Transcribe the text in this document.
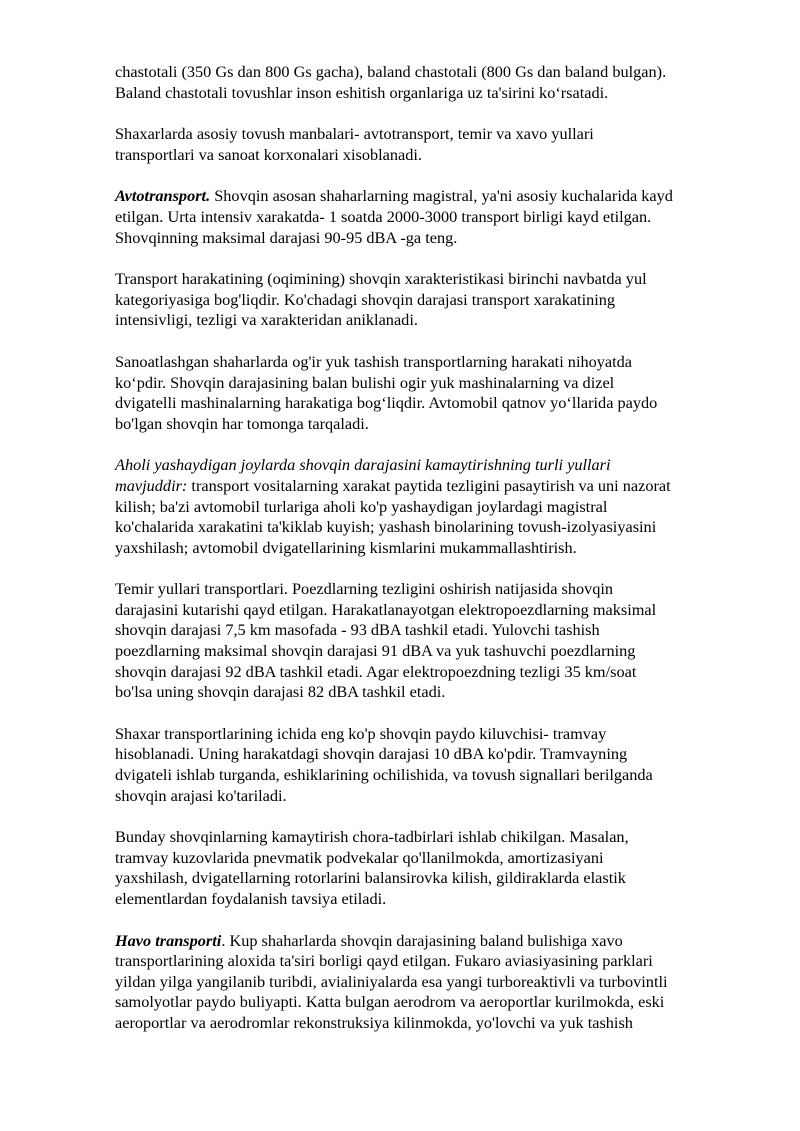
chastotali (350 Gs dan 800 Gs gacha), baland chastotali (800 Gs dan baland bulgan).
Baland chastotali tovushlar inson eshitish organlariga uz ta'sirini ko‘rsatadi.

Shaxarlarda asosiy tovush manbalari- avtotransport, temir va xavo yullari
transportlari va sanoat korxonalari xisoblanadi.

Avtotransport. Shovqin asosan shaharlarning magistral, ya'ni asosiy kuchalarida kayd
etilgan. Urta intensiv xarakatda- 1 soatda 2000-3000 transport birligi kayd etilgan.
Shovqinning maksimal darajasi 90-95 dBA -ga teng.

Transport harakatining (oqimining) shovqin xarakteristikasi birinchi navbatda yul
kategoriyasiga bog'liqdir. Ko'chadagi shovqin darajasi transport xarakatining
intensivligi, tezligi va xarakteridan aniklanadi.

Sanoatlashgan shaharlarda og'ir yuk tashish transportlarning harakati nihoyatda
ko‘pdir. Shovqin darajasining balan bulishi ogir yuk mashinalarning va dizel
dvigatelli mashinalarning harakatiga bog‘liqdir. Avtomobil qatnov yo‘llarida paydo
bo'lgan shovqin har tomonga tarqaladi.

Aholi yashaydigan joylarda shovqin darajasini kamaytirishning turli yullari
mavjuddir: transport vositalarning xarakat paytida tezligini pasaytirish va uni nazorat
kilish; ba'zi avtomobil turlariga aholi ko'p yashaydigan joylardagi magistral
ko'chalarida xarakatini ta'kiklab kuyish; yashash binolarining tovush-izolyasiyasini
yaxshilash; avtomobil dvigatellarining kismlarini mukammallashtirish.

Temir yullari transportlari. Poezdlarning tezligini oshirish natijasida shovqin
darajasini kutarishi qayd etilgan. Harakatlanayotgan elektropoezdlarning maksimal
shovqin darajasi 7,5 km masofada - 93 dBA tashkil etadi. Yulovchi tashish
poezdlarning maksimal shovqin darajasi 91 dBA va yuk tashuvchi poezdlarning
shovqin darajasi 92 dBA tashkil etadi. Agar elektropoezdning tezligi 35 km/soat
bo'lsa uning shovqin darajasi 82 dBA tashkil etadi.

Shaxar transportlarining ichida eng ko'p shovqin paydo kiluvchisi- tramvay
hisoblanadi. Uning harakatdagi shovqin darajasi 10 dBA ko'pdir. Tramvayning
dvigateli ishlab turganda, eshiklarining ochilishida, va tovush signallari berilganda
shovqin arajasi ko'tariladi.

Bunday shovqinlarning kamaytirish chora-tadbirlari ishlab chikilgan. Masalan,
tramvay kuzovlarida pnevmatik podvekalar qo'llanilmokda, amortizasiyani
yaxshilash, dvigatellarning rotorlarini balansirovka kilish, gildiraklarda elastik
elementlardan foydalanish tavsiya etiladi.

Havo transporti. Kup shaharlarda shovqin darajasining baland bulishiga xavo
transportlarining aloxida ta'siri borligi qayd etilgan. Fukaro aviasiyasining parklari
yildan yilga yangilanib turibdi, avialiniyalarda esa yangi turboreaktivli va turbovintli
samolyotlar paydo buliyapti. Katta bulgan aerodrom va aeroportlar kurilmokda, eski
aeroportlar va aerodromlar rekonstruksiya kilinmokda, yo'lovchi va yuk tashish
